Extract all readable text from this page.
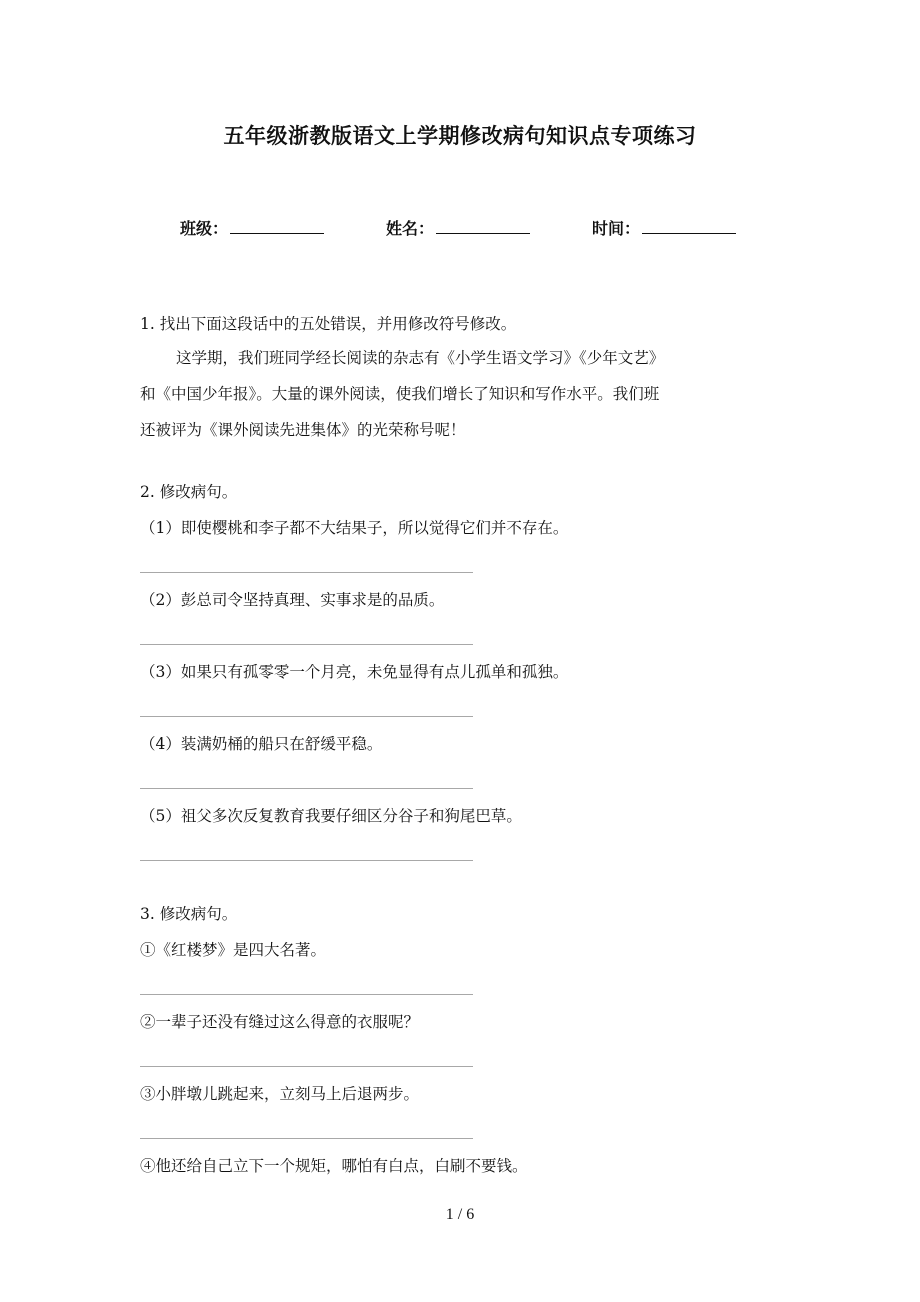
五年级浙教版语文上学期修改病句知识点专项练习
班级：	姓名：	时间：
1. 找出下面这段话中的五处错误，并用修改符号修改。
这学期，我们班同学经长阅读的杂志有《小学生语文学习》《少年文艺》
和《中国少年报》。大量的课外阅读，使我们增长了知识和写作水平。我们班
还被评为《课外阅读先进集体》的光荣称号呢！
2. 修改病句。
（1）即使樱桃和李子都不大结果子，所以觉得它们并不存在。
（2）彭总司令坚持真理、实事求是的品质。
（3）如果只有孤零零一个月亮，未免显得有点儿孤单和孤独。
（4）装满奶桶的船只在舒缓平稳。
（5）祖父多次反复教育我要仔细区分谷子和狗尾巴草。
3. 修改病句。
①《红楼梦》是四大名著。
②一辈子还没有缝过这么得意的衣服呢？
③小胖墩儿跳起来，立刻马上后退两步。
④他还给自己立下一个规矩，哪怕有白点，白刷不要钱。
1 / 6
